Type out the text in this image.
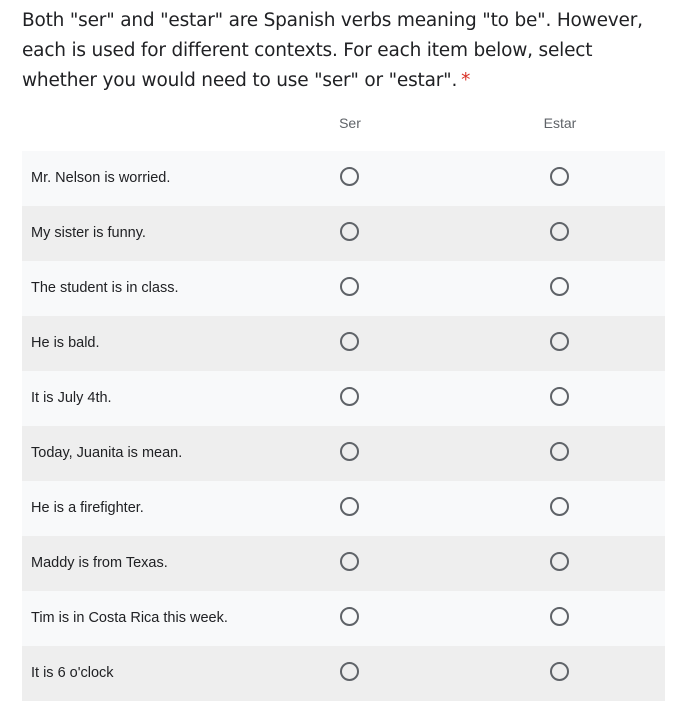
Both "ser" and "estar" are Spanish verbs meaning "to be". However, each is used for different contexts. For each item below, select whether you would need to use "ser" or "estar". *
Ser	Estar
Mr. Nelson is worried.
My sister is funny.
The student is in class.
He is bald.
It is July 4th.
Today, Juanita is mean.
He is a firefighter.
Maddy is from Texas.
Tim is in Costa Rica this week.
It is 6 o'clock
